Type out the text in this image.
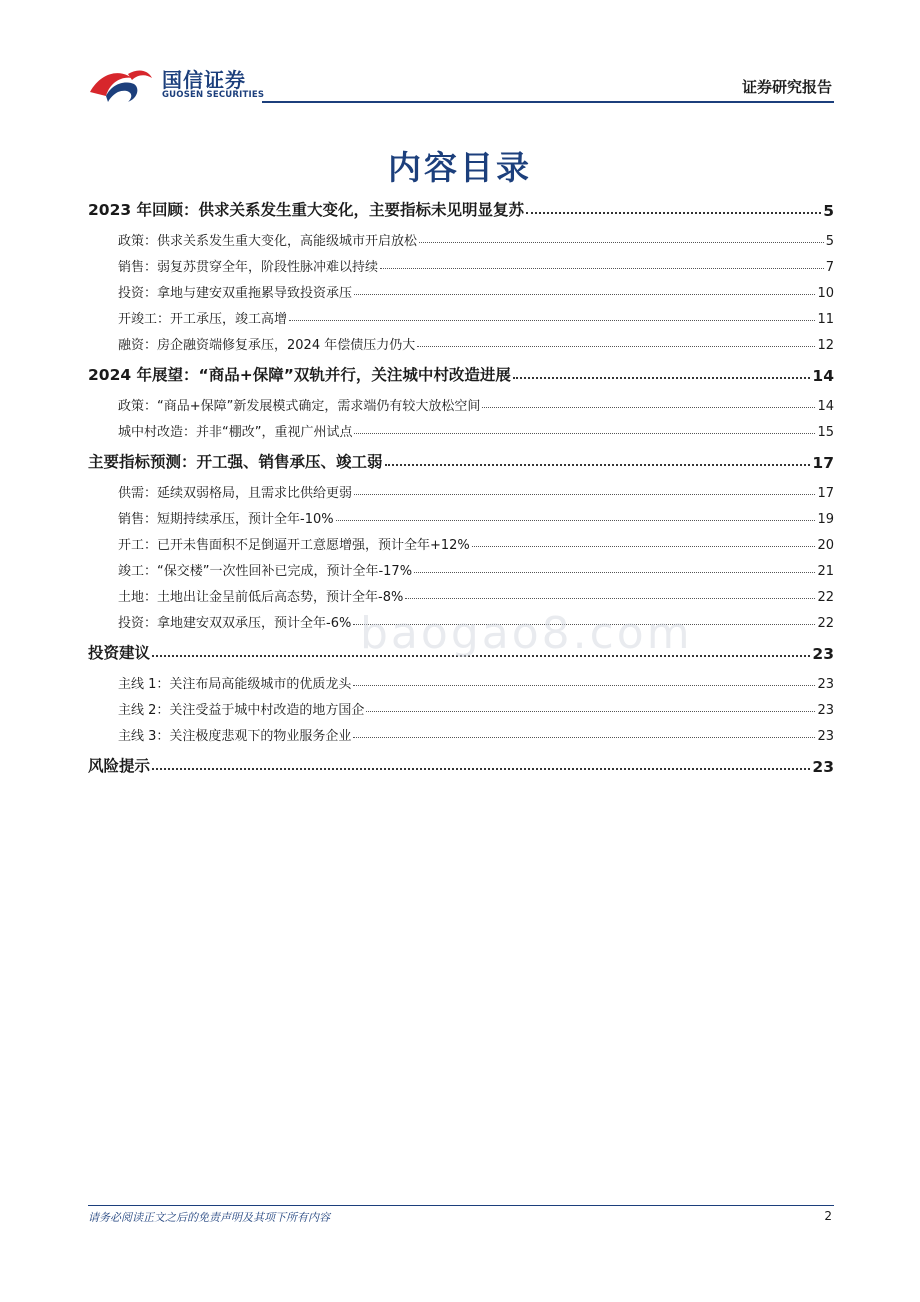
国信证券
GUOSEN SECURITIES	证券研究报告
内容目录
2023 年回顾：供求关系发生重大变化，主要指标未见明显复苏	5
政策：供求关系发生重大变化，高能级城市开启放松	5
销售：弱复苏贯穿全年，阶段性脉冲难以持续	7
投资：拿地与建安双重拖累导致投资承压	10
开竣工：开工承压，竣工高增	11
融资：房企融资端修复承压，2024 年偿债压力仍大	12
2024 年展望：“商品+保障”双轨并行，关注城中村改造进展	14
政策：“商品+保障”新发展模式确定，需求端仍有较大放松空间	14
城中村改造：并非“棚改”，重视广州试点	15
主要指标预测：开工强、销售承压、竣工弱	17
供需：延续双弱格局，且需求比供给更弱	17
销售：短期持续承压，预计全年-10%	19
开工：已开未售面积不足倒逼开工意愿增强，预计全年+12%	20
竣工：“保交楼”一次性回补已完成，预计全年-17%	21
土地：土地出让金呈前低后高态势，预计全年-8%	22
投资：拿地建安双双承压，预计全年-6%	22
投资建议	23
主线 1：关注布局高能级城市的优质龙头	23
主线 2：关注受益于城中村改造的地方国企	23
主线 3：关注极度悲观下的物业服务企业	23
风险提示	23
baogao8.com
请务必阅读正文之后的免责声明及其项下所有内容	2
